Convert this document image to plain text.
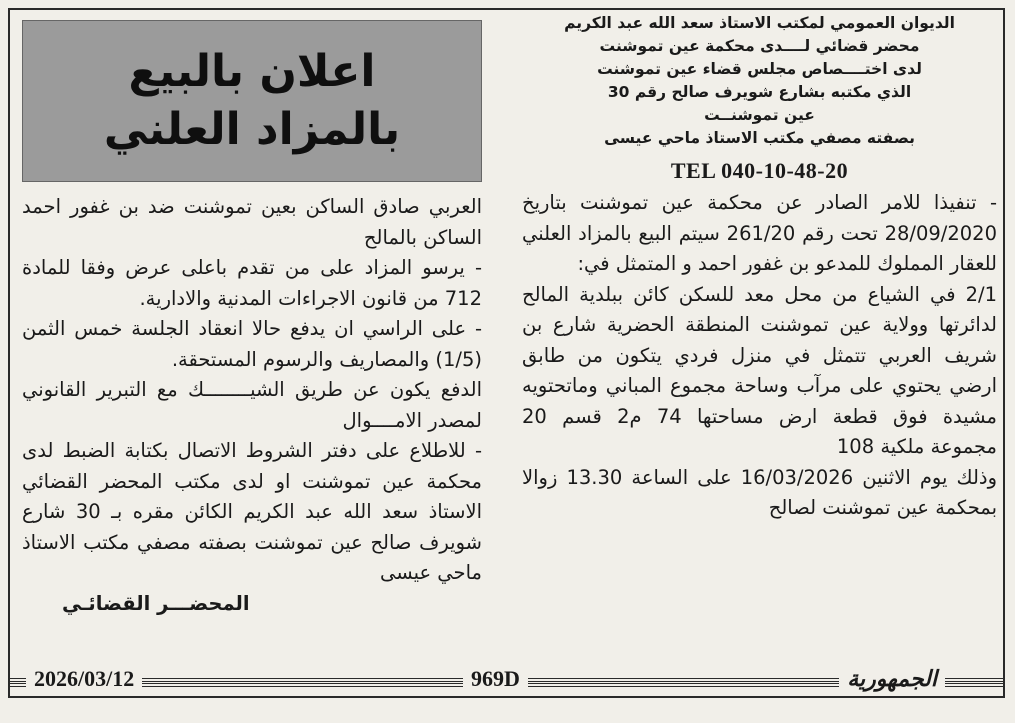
الديوان العمومي لمكتب الاستاذ سعد الله عبد الكريم
محضر قضائي لــــدى محكمة عين تموشنت
لدى اختــــصاص مجلس قضاء عين تموشنت
الذي مكتبه بشارع شويرف صالح رقم 30
عين تموشنــت
بصفته مصفي مكتب الاستاذ ماحي عيسى
TEL 040-10-48-20

- تنفيذا للامر الصادر عن محكمة عين تموشنت بتاريخ 28/09/2020 تحت رقم 261/20 سيتم البيع بالمزاد العلني للعقار المملوك للمدعو بن غفور احمد و المتمثل في:

2/1 في الشياع من محل معد للسكن كائن ببلدية المالح لدائرتها وولاية عين تموشنت المنطقة الحضرية شارع بن شريف العربي تتمثل في منزل فردي يتكون من طابق ارضي يحتوي على مرآب وساحة مجموع المباني وماتحتويه مشيدة فوق قطعة ارض مساحتها 74 م2 قسم 20 مجموعة ملكية 108

وذلك يوم الاثنين 16/03/2026 على الساعة 13.30 زوالا بمحكمة عين تموشنت لصالح

اعلان بالبيع
بالمزاد العلني

العربي صادق الساكن بعين تموشنت ضد بن غفور احمد الساكن بالمالح

- يرسو المزاد على من تقدم باعلى عرض وفقا للمادة 712 من قانون الاجراءات المدنية والادارية.

- على الراسي ان يدفع حالا انعقاد الجلسة خمس الثمن (1/5) والمصاريف والرسوم المستحقة.

الدفع يكون عن طريق الشيــــــــك مع التبرير القانوني لمصدر الامــــوال

- للاطلاع على دفتر الشروط الاتصال بكتابة الضبط لدى محكمة عين تموشنت او لدى مكتب المحضر القضائي الاستاذ سعد الله عبد الكريم الكائن مقره بـ 30 شارع شويرف صالح عين تموشنت بصفته مصفي مكتب الاستاذ ماحي عيسى

المحضـــر القضائـي

2026/03/12	969D	الجمهورية
